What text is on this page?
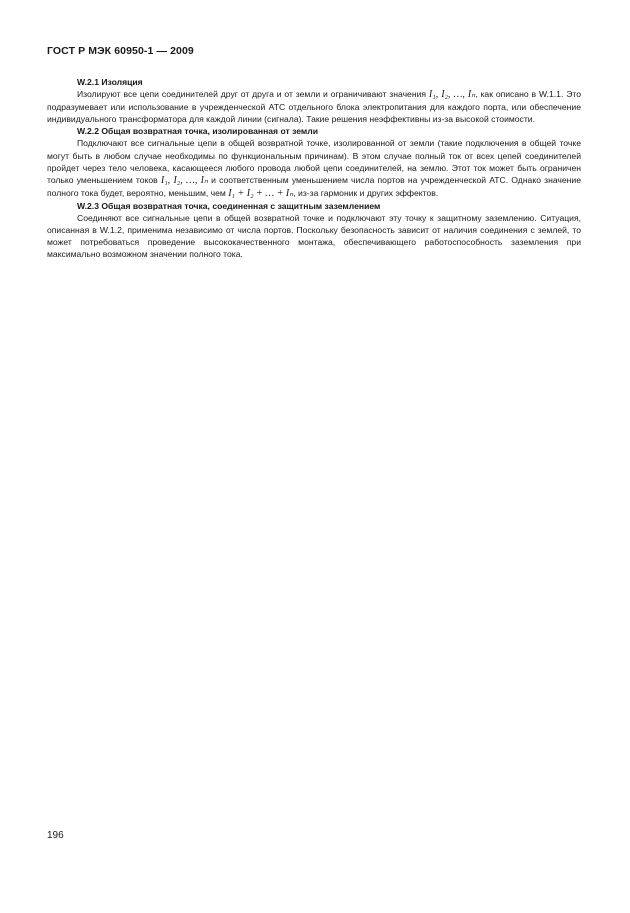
ГОСТ Р МЭК 60950-1 — 2009

W.2.1 Изоляция

Изолируют все цепи соединителей друг от друга и от земли и ограничивают значения I₁, I₂, …, Iₙ, как описано в W.1.1. Это подразумевает или использование в учрежденческой АТС отдельного блока электропитания для каждого порта, или обеспечение индивидуального трансформатора для каждой линии (сигнала). Такие решения неэффективны из-за высокой стоимости.

W.2.2 Общая возвратная точка, изолированная от земли

Подключают все сигнальные цепи в общей возвратной точке, изолированной от земли (такие подключения в общей точке могут быть в любом случае необходимы по функциональным причинам). В этом случае полный ток от всех цепей соединителей пройдет через тело человека, касающееся любого провода любой цепи соединителей, на землю. Этот ток может быть ограничен только уменьшением токов I₁, I₂, …, Iₙ и соответственным уменьшением числа портов на учрежденческой АТС. Однако значение полного тока будет, вероятно, меньшим, чем I₁ + I₂ + … + Iₙ, из-за гармоник и других эффектов.

W.2.3 Общая возвратная точка, соединенная с защитным заземлением

Соединяют все сигнальные цепи в общей возвратной точке и подключают эту точку к защитному заземлению. Ситуация, описанная в W.1.2, применима независимо от числа портов. Поскольку безопасность зависит от наличия соединения с землей, то может потребоваться проведение высококачественного монтажа, обеспечивающего работоспособность заземления при максимально возможном значении полного тока.

196
